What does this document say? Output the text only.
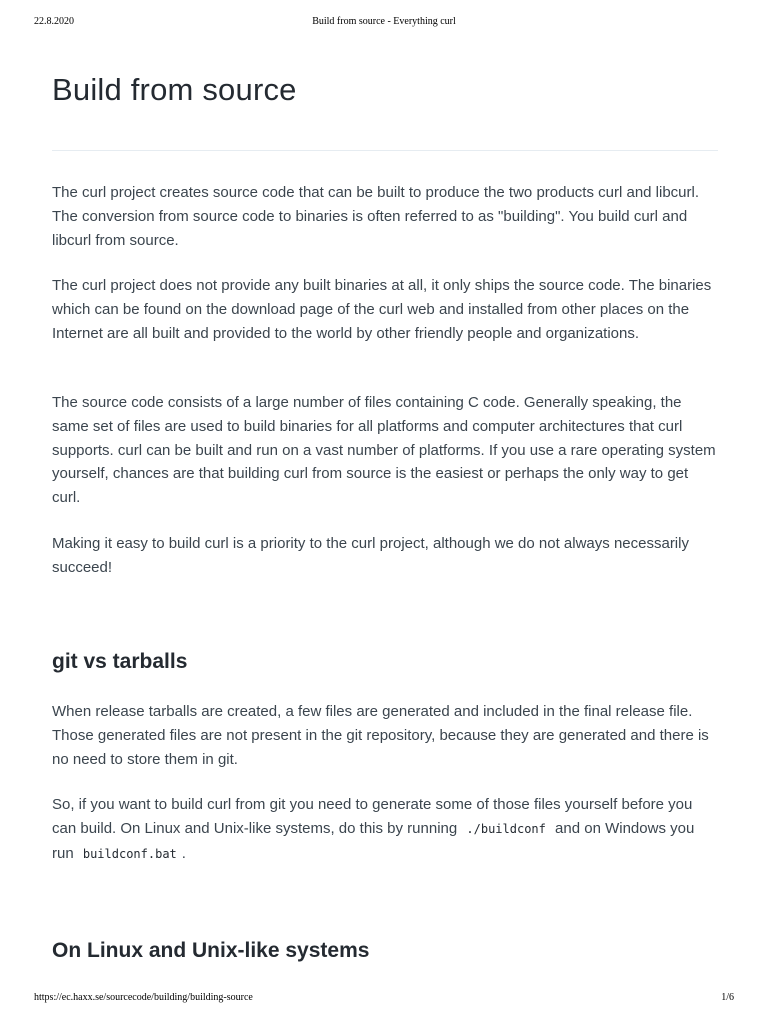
22.8.2020	Build from source - Everything curl
Build from source

The curl project creates source code that can be built to produce the two products curl and libcurl. The conversion from source code to binaries is often referred to as "building". You build curl and libcurl from source.

The curl project does not provide any built binaries at all, it only ships the source code. The binaries which can be found on the download page of the curl web and installed from other places on the Internet are all built and provided to the world by other friendly people and organizations.

The source code consists of a large number of files containing C code. Generally speaking, the same set of files are used to build binaries for all platforms and computer architectures that curl supports. curl can be built and run on a vast number of platforms. If you use a rare operating system yourself, chances are that building curl from source is the easiest or perhaps the only way to get curl.

Making it easy to build curl is a priority to the curl project, although we do not always necessarily succeed!

git vs tarballs

When release tarballs are created, a few files are generated and included in the final release file. Those generated files are not present in the git repository, because they are generated and there is no need to store them in git.

So, if you want to build curl from git you need to generate some of those files yourself before you can build. On Linux and Unix-like systems, do this by running ./buildconf and on Windows you run buildconf.bat .

On Linux and Unix-like systems
https://ec.haxx.se/sourcecode/building/building-source	1/6
